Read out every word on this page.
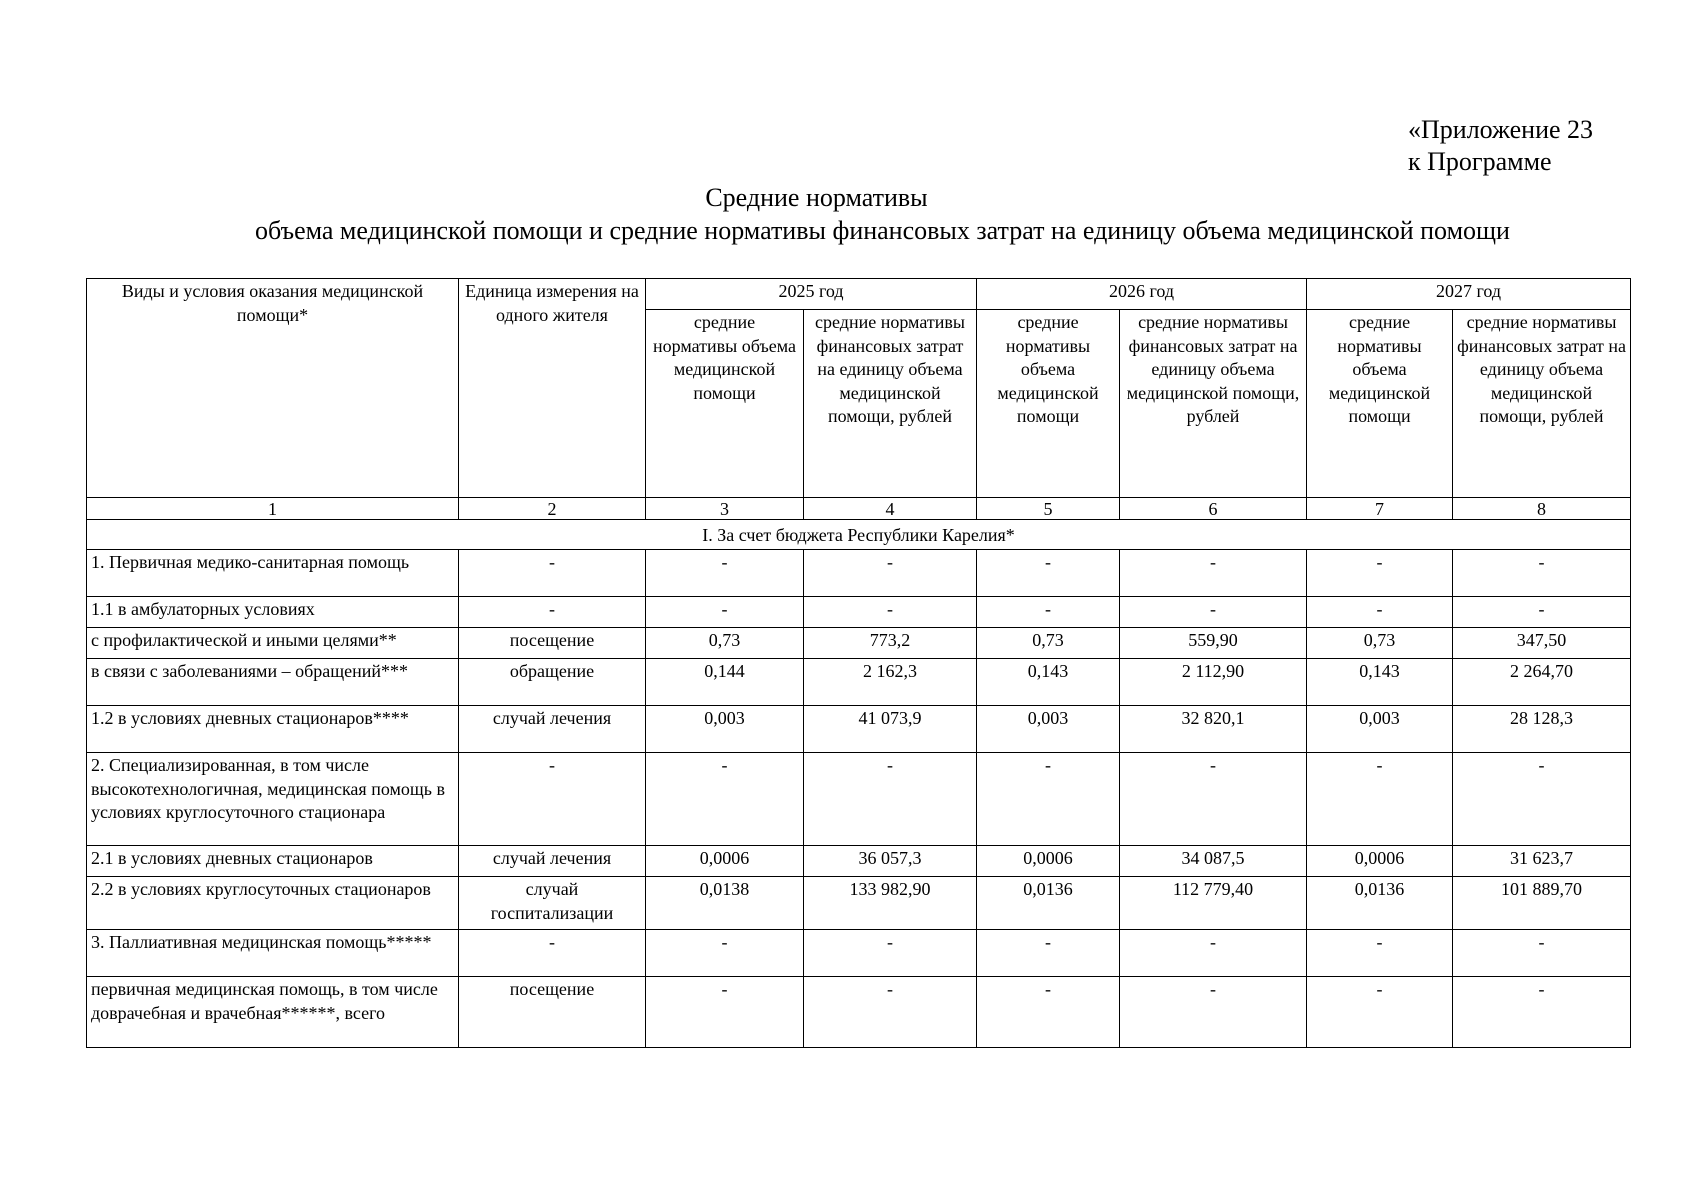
«Приложение 23
к Программе
Средние нормативы
объема медицинской помощи и средние нормативы финансовых затрат на единицу объема медицинской помощи
Виды и условия оказания медицинской помощи*	Единица измерения на одного жителя	2025 год		2026 год		2027 год	
		средние нормативы объема медицинской помощи	средние нормативы финансовых затрат на единицу объема медицинской помощи, рублей	средние нормативы объема медицинской помощи	средние нормативы финансовых затрат на единицу объема медицинской помощи, рублей	средние нормативы объема медицинской помощи	средние нормативы финансовых затрат на единицу объема медицинской помощи, рублей
1	2	3	4	5	6	7	8
I. За счет бюджета Республики Карелия*							
1. Первичная медико-санитарная помощь	-	-	-	-	-	-	-
1.1 в амбулаторных условиях	-	-	-	-	-	-	-
с профилактической и иными целями**	посещение	0,73	773,2	0,73	559,90	0,73	347,50
в связи с заболеваниями – обращений***	обращение	0,144	2 162,3	0,143	2 112,90	0,143	2 264,70
1.2 в условиях дневных стационаров****	случай лечения	0,003	41 073,9	0,003	32 820,1	0,003	28 128,3
2. Специализированная, в том числе высокотехнологичная, медицинская помощь в условиях круглосуточного стационара	-	-	-	-	-	-	-
2.1 в условиях дневных стационаров	случай лечения	0,0006	36 057,3	0,0006	34 087,5	0,0006	31 623,7
2.2 в условиях круглосуточных стационаров	случай госпитализации	0,0138	133 982,90	0,0136	112 779,40	0,0136	101 889,70
3. Паллиативная медицинская помощь*****	-	-	-	-	-	-	-
первичная медицинская помощь, в том числе доврачебная и врачебная******, всего	посещение	-	-	-	-	-	-
